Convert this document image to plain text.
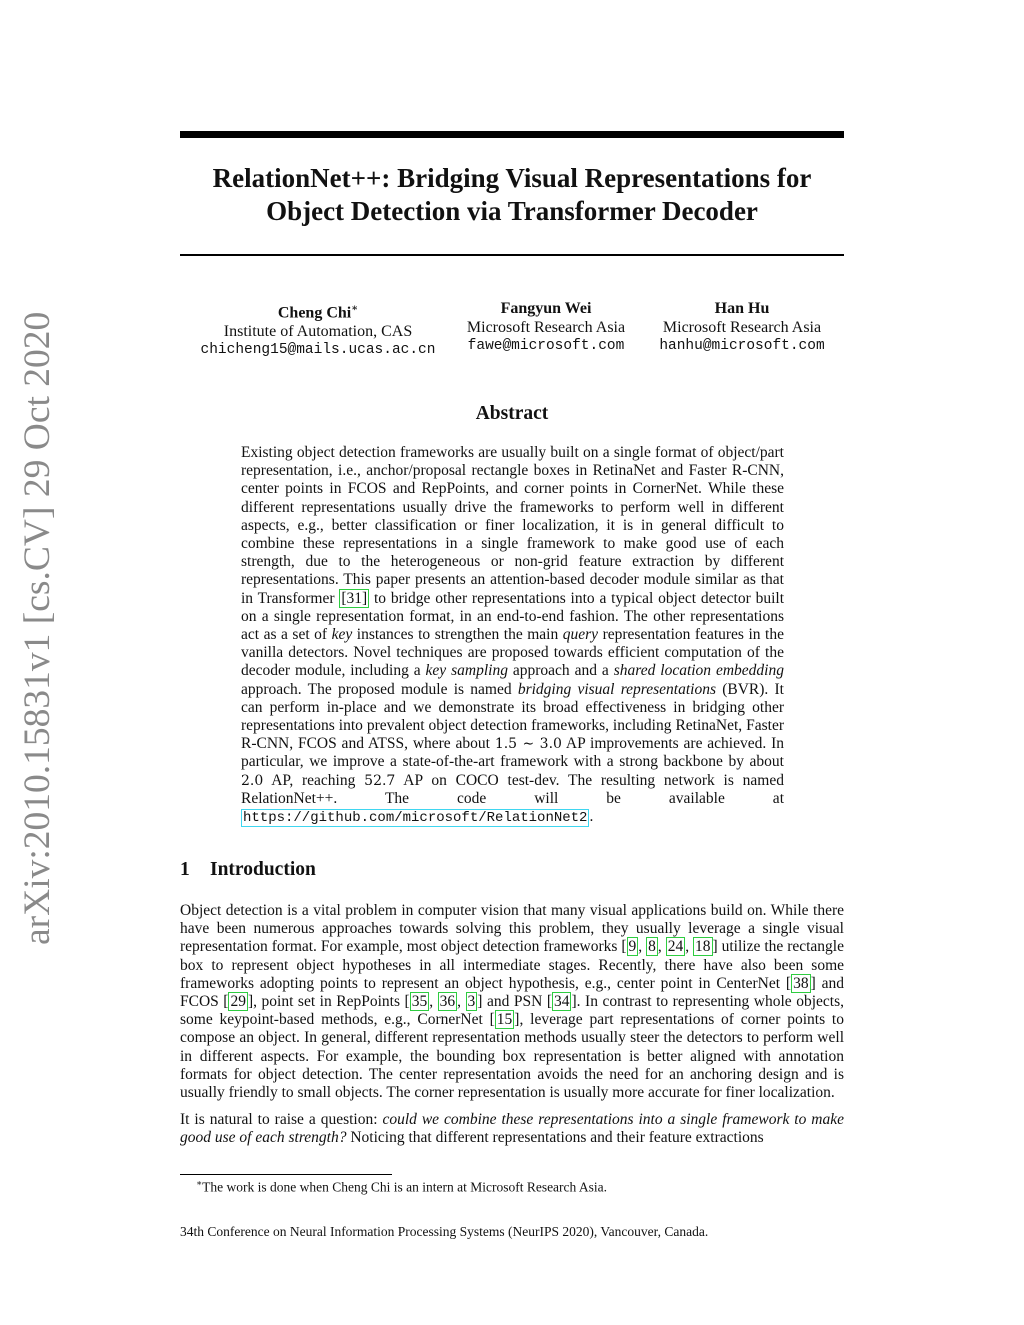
arXiv:2010.15831v1 [cs.CV] 29 Oct 2020
RelationNet++: Bridging Visual Representations for
Object Detection via Transformer Decoder
Cheng Chi∗
Institute of Automation, CAS
chicheng15@mails.ucas.ac.cn
Fangyun Wei
Microsoft Research Asia
fawe@microsoft.com
Han Hu
Microsoft Research Asia
hanhu@microsoft.com
Abstract

Existing object detection frameworks are usually built on a single format of object/part representation, i.e., anchor/proposal rectangle boxes in RetinaNet and Faster R-CNN, center points in FCOS and RepPoints, and corner points in CornerNet. While these different representations usually drive the frameworks to perform well in different aspects, e.g., better classification or finer localization, it is in general difficult to combine these representations in a single framework to make good use of each strength, due to the heterogeneous or non-grid feature extraction by different representations. This paper presents an attention-based decoder module similar as that in Transformer [31] to bridge other representations into a typical object detector built on a single representation format, in an end-to-end fashion. The other representations act as a set of key instances to strengthen the main query representation features in the vanilla detectors. Novel techniques are proposed towards efficient computation of the decoder module, including a key sampling approach and a shared location embedding approach. The proposed module is named bridging visual representations (BVR). It can perform in-place and we demonstrate its broad effectiveness in bridging other representations into prevalent object detection frameworks, including RetinaNet, Faster R-CNN, FCOS and ATSS, where about 1.5 ∼ 3.0 AP improvements are achieved. In particular, we improve a state-of-the-art framework with a strong backbone by about 2.0 AP, reaching 52.7 AP on COCO test-dev. The resulting network is named RelationNet++. The code will be available at https://github.com/microsoft/RelationNet2 .

1 Introduction

Object detection is a vital problem in computer vision that many visual applications build on. While there have been numerous approaches towards solving this problem, they usually leverage a single visual representation format. For example, most object detection frameworks [ 9 , 8 , 24 , 18 ] utilize the rectangle box to represent object hypotheses in all intermediate stages. Recently, there have also been some frameworks adopting points to represent an object hypothesis, e.g., center point in CenterNet [ 38 ] and FCOS [ 29 ], point set in RepPoints [ 35 , 36 , 3 ] and PSN [ 34 ]. In contrast to representing whole objects, some keypoint-based methods, e.g., CornerNet [ 15 ], leverage part representations of corner points to compose an object. In general, different representation methods usually steer the detectors to perform well in different aspects. For example, the bounding box representation is better aligned with annotation formats for object detection. The center representation avoids the need for an anchoring design and is usually friendly to small objects. The corner representation is usually more accurate for finer localization.

It is natural to raise a question: could we combine these representations into a single framework to make good use of each strength? Noticing that different representations and their feature extractions

∗The work is done when Cheng Chi is an intern at Microsoft Research Asia.
34th Conference on Neural Information Processing Systems (NeurIPS 2020), Vancouver, Canada.
